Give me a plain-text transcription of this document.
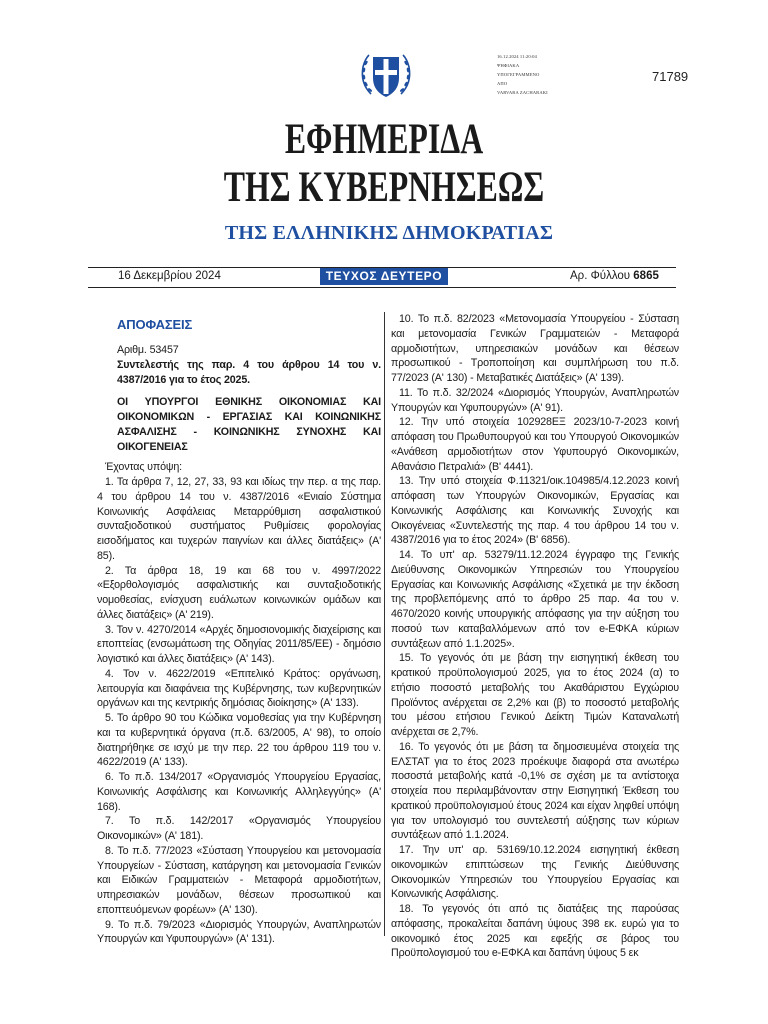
16.12.2024 11:20:04
ΨΗΦΙΑΚΑ
ΥΠΟΓΕΓΡΑΜΜΕΝΟ
ΑΠΟ
VARVARA ZACHARAKI
71789
ΕΦΗΜΕΡΙΔΑ
ΤΗΣ ΚΥΒΕΡΝΗΣΕΩΣ
ΤΗΣ ΕΛΛΗΝΙΚΗΣ ΔΗΜΟΚΡΑΤΙΑΣ
16 Δεκεμβρίου 2024	ΤΕΥΧΟΣ ΔΕΥΤΕΡΟ	Αρ. Φύλλου 6865

ΑΠΟΦΑΣΕΙΣ

Αριθμ. 53457

Συντελεστής της παρ. 4 του άρθρου 14 του ν. 4387/2016 για το έτος 2025.

ΟΙ ΥΠΟΥΡΓΟΙ ΕΘΝΙΚΗΣ ΟΙΚΟΝΟΜΙΑΣ ΚΑΙ ΟΙΚΟΝΟΜΙΚΩΝ - ΕΡΓΑΣΙΑΣ ΚΑΙ ΚΟΙΝΩΝΙΚΗΣ ΑΣΦΑΛΙΣΗΣ - ΚΟΙΝΩΝΙΚΗΣ ΣΥΝΟΧΗΣ ΚΑΙ ΟΙΚΟΓΕΝΕΙΑΣ

Έχοντας υπόψη:

1. Τα άρθρα 7, 12, 27, 33, 93 και ιδίως την περ. α της παρ. 4 του άρθρου 14 του ν. 4387/2016 «Ενιαίο Σύστημα Κοινωνικής Ασφάλειας Μεταρρύθμιση ασφαλιστικού συνταξιοδοτικού συστήματος Ρυθμίσεις φορολογίας εισοδήματος και τυχερών παιγνίων και άλλες διατάξεις» (Α' 85).

2. Τα άρθρα 18, 19 και 68 του ν. 4997/2022 «Εξορθολογισμός ασφαλιστικής και συνταξιοδοτικής νομοθεσίας, ενίσχυση ευάλωτων κοινωνικών ομάδων και άλλες διατάξεις» (Α' 219).

3. Τον ν. 4270/2014 «Αρχές δημοσιονομικής διαχείρισης και εποπτείας (ενσωμάτωση της Οδηγίας 2011/85/ΕΕ) - δημόσιο λογιστικό και άλλες διατάξεις» (Α' 143).

4. Τον ν. 4622/2019 «Επιτελικό Κράτος: οργάνωση, λειτουργία και διαφάνεια της Κυβέρνησης, των κυβερνητικών οργάνων και της κεντρικής δημόσιας διοίκησης» (Α' 133).

5. Το άρθρο 90 του Κώδικα νομοθεσίας για την Κυβέρνηση και τα κυβερνητικά όργανα (π.δ. 63/2005, Α' 98), το οποίο διατηρήθηκε σε ισχύ με την περ. 22 του άρθρου 119 του ν. 4622/2019 (Α' 133).

6. Το π.δ. 134/2017 «Οργανισμός Υπουργείου Εργασίας, Κοινωνικής Ασφάλισης και Κοινωνικής Αλληλεγγύης» (Α' 168).

7. Το π.δ. 142/2017 «Οργανισμός Υπουργείου Οικονομικών» (Α' 181).

8. Το π.δ. 77/2023 «Σύσταση Υπουργείου και μετονομασία Υπουργείων - Σύσταση, κατάργηση και μετονομασία Γενικών και Ειδικών Γραμματειών - Μεταφορά αρμοδιοτήτων, υπηρεσιακών μονάδων, θέσεων προσωπικού και εποπτευόμενων φορέων» (Α' 130).

9. Το π.δ. 79/2023 «Διορισμός Υπουργών, Αναπληρωτών Υπουργών και Υφυπουργών» (Α' 131).

10. Το π.δ. 82/2023 «Μετονομασία Υπουργείου - Σύσταση και μετονομασία Γενικών Γραμματειών - Μεταφορά αρμοδιοτήτων, υπηρεσιακών μονάδων και θέσεων προσωπικού - Τροποποίηση και συμπλήρωση του π.δ. 77/2023 (Α' 130) - Μεταβατικές Διατάξεις» (Α' 139).

11. Το π.δ. 32/2024 «Διορισμός Υπουργών, Αναπληρωτών Υπουργών και Υφυπουργών» (Α' 91).

12. Την υπό στοιχεία 102928ΕΞ 2023/10-7-2023 κοινή απόφαση του Πρωθυπουργού και του Υπουργού Οικονομικών «Ανάθεση αρμοδιοτήτων στον Υφυπουργό Οικονομικών, Αθανάσιο Πετραλιά» (Β' 4441).

13. Την υπό στοιχεία Φ.11321/οικ.104985/4.12.2023 κοινή απόφαση των Υπουργών Οικονομικών, Εργασίας και Κοινωνικής Ασφάλισης και Κοινωνικής Συνοχής και Οικογένειας «Συντελεστής της παρ. 4 του άρθρου 14 του ν. 4387/2016 για το έτος 2024» (Β' 6856).

14. Το υπ' αρ. 53279/11.12.2024 έγγραφο της Γενικής Διεύθυνσης Οικονομικών Υπηρεσιών του Υπουργείου Εργασίας και Κοινωνικής Ασφάλισης «Σχετικά με την έκδοση της προβλεπόμενης από το άρθρο 25 παρ. 4α του ν. 4670/2020 κοινής υπουργικής απόφασης για την αύξηση του ποσού των καταβαλλόμενων από τον e-ΕΦΚΑ κύριων συντάξεων από 1.1.2025».

15. Το γεγονός ότι με βάση την εισηγητική έκθεση του κρατικού προϋπολογισμού 2025, για το έτος 2024 (α) το ετήσιο ποσοστό μεταβολής του Ακαθάριστου Εγχώριου Προϊόντος ανέρχεται σε 2,2% και (β) το ποσοστό μεταβολής του μέσου ετήσιου Γενικού Δείκτη Τιμών Καταναλωτή ανέρχεται σε 2,7%.

16. Το γεγονός ότι με βάση τα δημοσιευμένα στοιχεία της ΕΛΣΤΑΤ για το έτος 2023 προέκυψε διαφορά στα ανωτέρω ποσοστά μεταβολής κατά -0,1% σε σχέση με τα αντίστοιχα στοιχεία που περιλαμβάνονταν στην Εισηγητική Έκθεση του κρατικού προϋπολογισμού έτους 2024 και είχαν ληφθεί υπόψη για τον υπολογισμό του συντελεστή αύξησης των κύριων συντάξεων από 1.1.2024.

17. Την υπ' αρ. 53169/10.12.2024 εισηγητική έκθεση οικονομικών επιπτώσεων της Γενικής Διεύθυνσης Οικονομικών Υπηρεσιών του Υπουργείου Εργασίας και Κοινωνικής Ασφάλισης.

18. Το γεγονός ότι από τις διατάξεις της παρούσας απόφασης, προκαλείται δαπάνη ύψους 398 εκ. ευρώ για το οικονομικό έτος 2025 και εφεξής σε βάρος του Προϋπολογισμού του e-ΕΦΚΑ και δαπάνη ύψους 5 εκ
